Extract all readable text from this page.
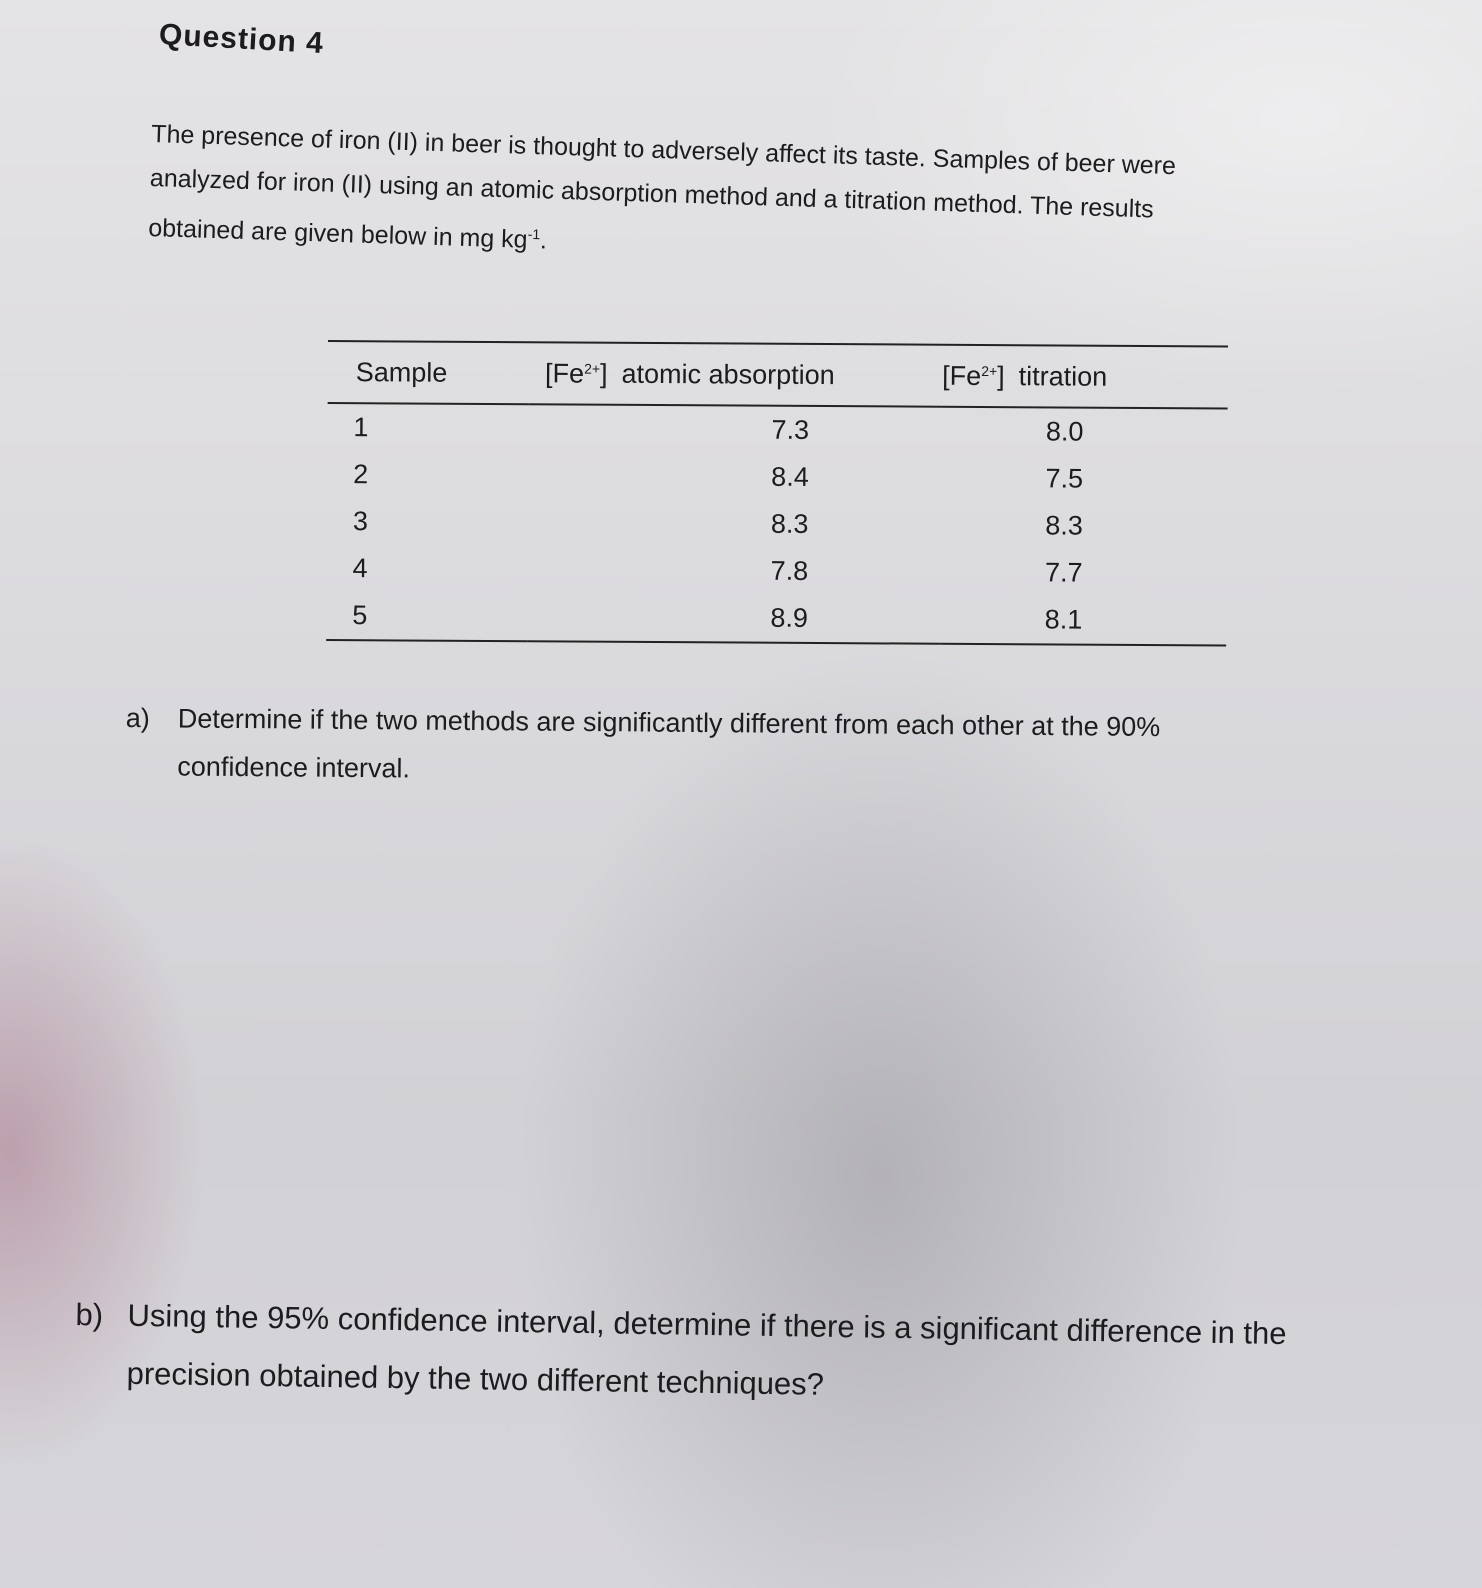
Question 4

The presence of iron (II) in beer is thought to adversely affect its taste. Samples of beer were
analyzed for iron (II) using an atomic absorption method and a titration method. The results
obtained are given below in mg $kg^{-1}$.

Sample	$[Fe^{2+}]$ atomic absorption	$[Fe^{2+}]$ titration
1	7.3	8.0
2	8.4	7.5
3	8.3	8.3
4	7.8	7.7
5	8.9	8.1
a) Determine if the two methods are significantly different from each other at the 90%
confidence interval.
b) Using the 95% confidence interval, determine if there is a significant difference in the
precision obtained by the two different techniques?
